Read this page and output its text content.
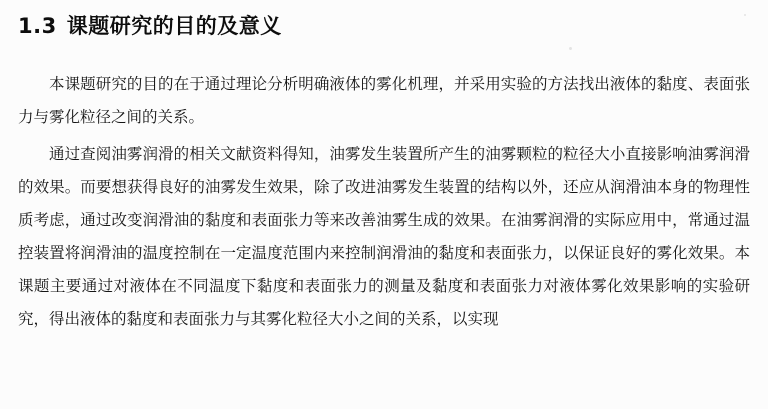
1.3 课题研究的目的及意义

本课题研究的目的在于通过理论分析明确液体的雾化机理，并采用实验的方法找出液体的黏度、表面张力与雾化粒径之间的关系。

通过查阅油雾润滑的相关文献资料得知，油雾发生装置所产生的油雾颗粒的粒径大小直接影响油雾润滑的效果。而要想获得良好的油雾发生效果，除了改进油雾发生装置的结构以外，还应从润滑油本身的物理性质考虑，通过改变润滑油的黏度和表面张力等来改善油雾生成的效果。在油雾润滑的实际应用中，常通过温控装置将润滑油的温度控制在一定温度范围内来控制润滑油的黏度和表面张力，以保证良好的雾化效果。本课题主要通过对液体在不同温度下黏度和表面张力的测量及黏度和表面张力对液体雾化效果影响的实验研究，得出液体的黏度和表面张力与其雾化粒径大小之间的关系，以实现
